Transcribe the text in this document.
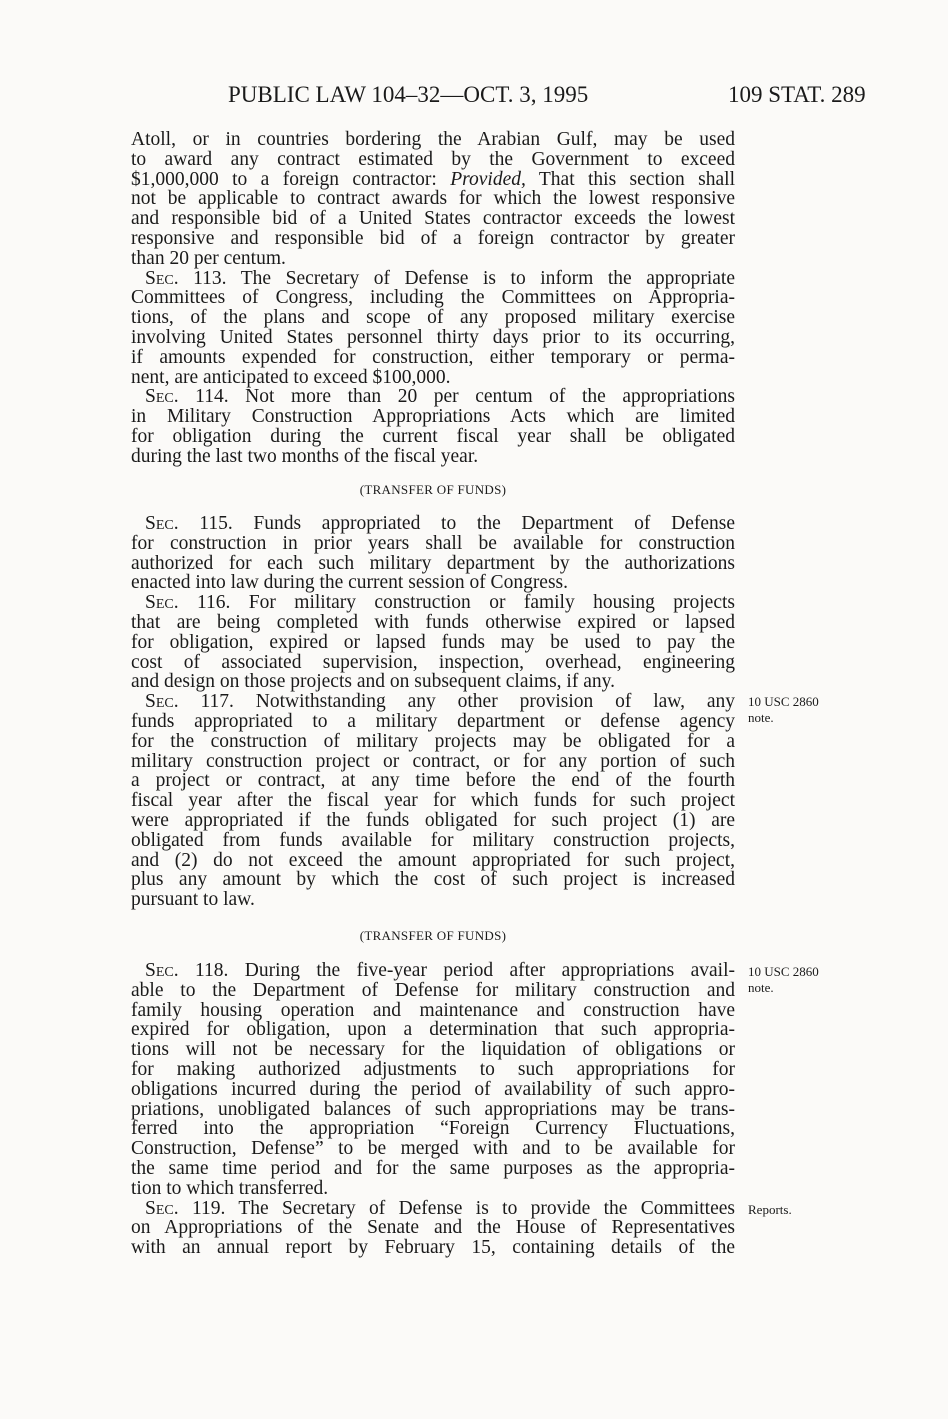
PUBLIC LAW 104–32—OCT. 3, 1995	109 STAT. 289
Atoll, or in countries bordering the Arabian Gulf, may be used
to award any contract estimated by the Government to exceed
$1,000,000 to a foreign contractor: Provided, That this section shall
not be applicable to contract awards for which the lowest responsive
and responsible bid of a United States contractor exceeds the lowest
responsive and responsible bid of a foreign contractor by greater
than 20 per centum.
Sec. 113. The Secretary of Defense is to inform the appropriate
Committees of Congress, including the Committees on Appropria-
tions, of the plans and scope of any proposed military exercise
involving United States personnel thirty days prior to its occurring,
if amounts expended for construction, either temporary or perma-
nent, are anticipated to exceed $100,000.
Sec. 114. Not more than 20 per centum of the appropriations
in Military Construction Appropriations Acts which are limited
for obligation during the current fiscal year shall be obligated
during the last two months of the fiscal year.
(TRANSFER OF FUNDS)
Sec. 115. Funds appropriated to the Department of Defense
for construction in prior years shall be available for construction
authorized for each such military department by the authorizations
enacted into law during the current session of Congress.
Sec. 116. For military construction or family housing projects
that are being completed with funds otherwise expired or lapsed
for obligation, expired or lapsed funds may be used to pay the
cost of associated supervision, inspection, overhead, engineering
and design on those projects and on subsequent claims, if any.
Sec. 117. Notwithstanding any other provision of law, any
funds appropriated to a military department or defense agency
for the construction of military projects may be obligated for a
military construction project or contract, or for any portion of such
a project or contract, at any time before the end of the fourth
fiscal year after the fiscal year for which funds for such project
were appropriated if the funds obligated for such project (1) are
obligated from funds available for military construction projects,
and (2) do not exceed the amount appropriated for such project,
plus any amount by which the cost of such project is increased
pursuant to law.
(TRANSFER OF FUNDS)
Sec. 118. During the five-year period after appropriations avail-
able to the Department of Defense for military construction and
family housing operation and maintenance and construction have
expired for obligation, upon a determination that such appropria-
tions will not be necessary for the liquidation of obligations or
for making authorized adjustments to such appropriations for
obligations incurred during the period of availability of such appro-
priations, unobligated balances of such appropriations may be trans-
ferred into the appropriation “Foreign Currency Fluctuations,
Construction, Defense” to be merged with and to be available for
the same time period and for the same purposes as the appropria-
tion to which transferred.
Sec. 119. The Secretary of Defense is to provide the Committees
on Appropriations of the Senate and the House of Representatives
with an annual report by February 15, containing details of the
10 USC 2860
note.
10 USC 2860
note.
Reports.
